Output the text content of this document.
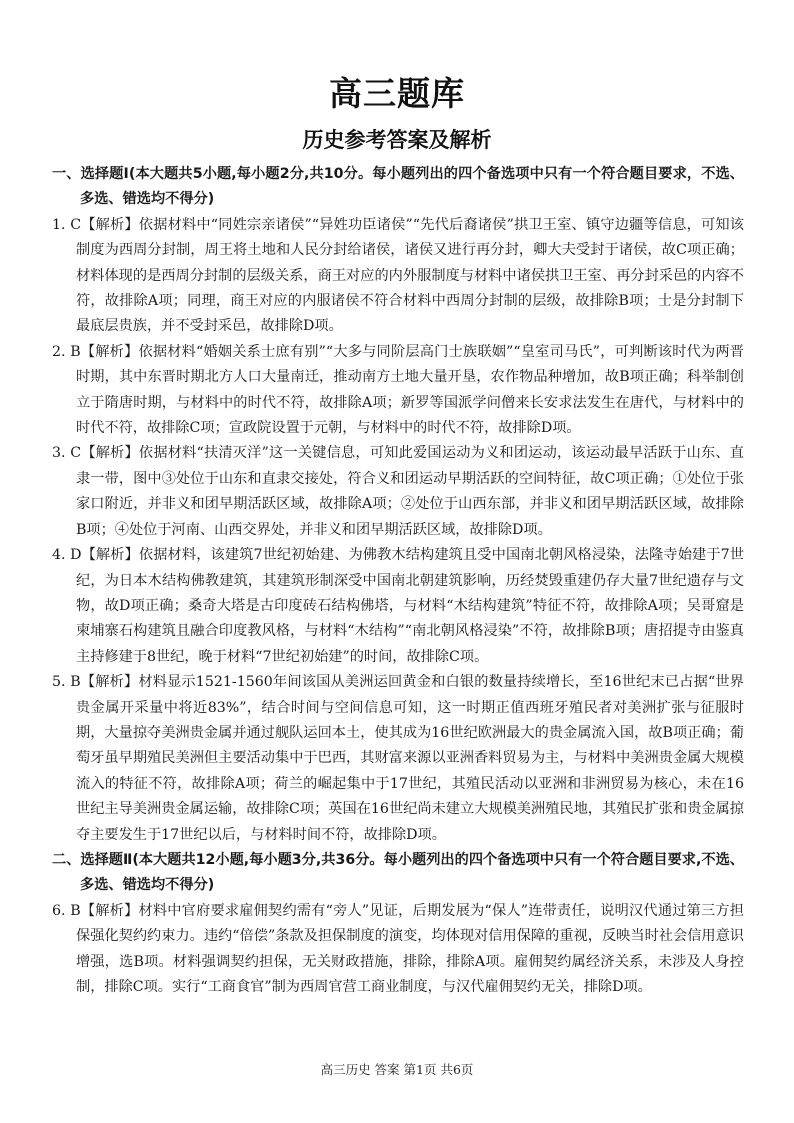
高三题库
历史参考答案及解析
一、选择题Ⅰ(本大题共5小题,每小题2分,共10分。每小题列出的四个备选项中只有一个符合题目要求，不选、多选、错选均不得分)
1. C【解析】依据材料中“同姓宗亲诸侯”“异姓功臣诸侯”“先代后裔诸侯”拱卫王室、镇守边疆等信息，可知该制度为西周分封制，周王将土地和人民分封给诸侯，诸侯又进行再分封，卿大夫受封于诸侯，故C项正确；材料体现的是西周分封制的层级关系，商王对应的内外服制度与材料中诸侯拱卫王室、再分封采邑的内容不符，故排除A项；同理，商王对应的内服诸侯不符合材料中西周分封制的层级，故排除B项；士是分封制下最底层贵族，并不受封采邑，故排除D项。
2. B【解析】依据材料“婚姻关系士庶有别”“大多与同阶层高门士族联姻”“皇室司马氏”，可判断该时代为两晋时期，其中东晋时期北方人口大量南迁，推动南方土地大量开垦，农作物品种增加，故B项正确；科举制创立于隋唐时期，与材料中的时代不符，故排除A项；新罗等国派学问僧来长安求法发生在唐代，与材料中的时代不符，故排除C项；宣政院设置于元朝，与材料中的时代不符，故排除D项。
3. C【解析】依据材料“扶清灭洋”这一关键信息，可知此爱国运动为义和团运动，该运动最早活跃于山东、直隶一带，图中③处位于山东和直隶交接处，符合义和团运动早期活跃的空间特征，故C项正确；①处位于张家口附近，并非义和团早期活跃区域，故排除A项；②处位于山西东部，并非义和团早期活跃区域，故排除B项；④处位于河南、山西交界处，并非义和团早期活跃区域，故排除D项。
4. D【解析】依据材料，该建筑7世纪初始建、为佛教木结构建筑且受中国南北朝风格浸染，法隆寺始建于7世纪，为日本木结构佛教建筑，其建筑形制深受中国南北朝建筑影响，历经焚毁重建仍存大量7世纪遗存与文物，故D项正确；桑奇大塔是古印度砖石结构佛塔，与材料“木结构建筑”特征不符，故排除A项；吴哥窟是柬埔寨石构建筑且融合印度教风格，与材料“木结构”“南北朝风格浸染”不符，故排除B项；唐招提寺由鉴真主持修建于8世纪，晚于材料“7世纪初始建”的时间，故排除C项。
5. B【解析】材料显示1521-1560年间该国从美洲运回黄金和白银的数量持续增长，至16世纪末已占据“世界贵金属开采量中将近83%”，结合时间与空间信息可知，这一时期正值西班牙殖民者对美洲扩张与征服时期，大量掠夺美洲贵金属并通过舰队运回本土，使其成为16世纪欧洲最大的贵金属流入国，故B项正确；葡萄牙虽早期殖民美洲但主要活动集中于巴西，其财富来源以亚洲香料贸易为主，与材料中美洲贵金属大规模流入的特征不符，故排除A项；荷兰的崛起集中于17世纪，其殖民活动以亚洲和非洲贸易为核心，未在16世纪主导美洲贵金属运输，故排除C项；英国在16世纪尚未建立大规模美洲殖民地，其殖民扩张和贵金属掠夺主要发生于17世纪以后，与材料时间不符，故排除D项。
二、选择题Ⅱ(本大题共12小题,每小题3分,共36分。每小题列出的四个备选项中只有一个符合题目要求,不选、多选、错选均不得分)
6. B【解析】材料中官府要求雇佣契约需有“旁人”见证，后期发展为“保人”连带责任，说明汉代通过第三方担保强化契约约束力。违约“倍偿”条款及担保制度的演变，均体现对信用保障的重视，反映当时社会信用意识增强，选B项。材料强调契约担保，无关财政措施，排除，排除A项。雇佣契约属经济关系，未涉及人身控制，排除C项。实行“工商食官”制为西周官营工商业制度，与汉代雇佣契约无关，排除D项。
高三历史 答案 第1页 共6页
